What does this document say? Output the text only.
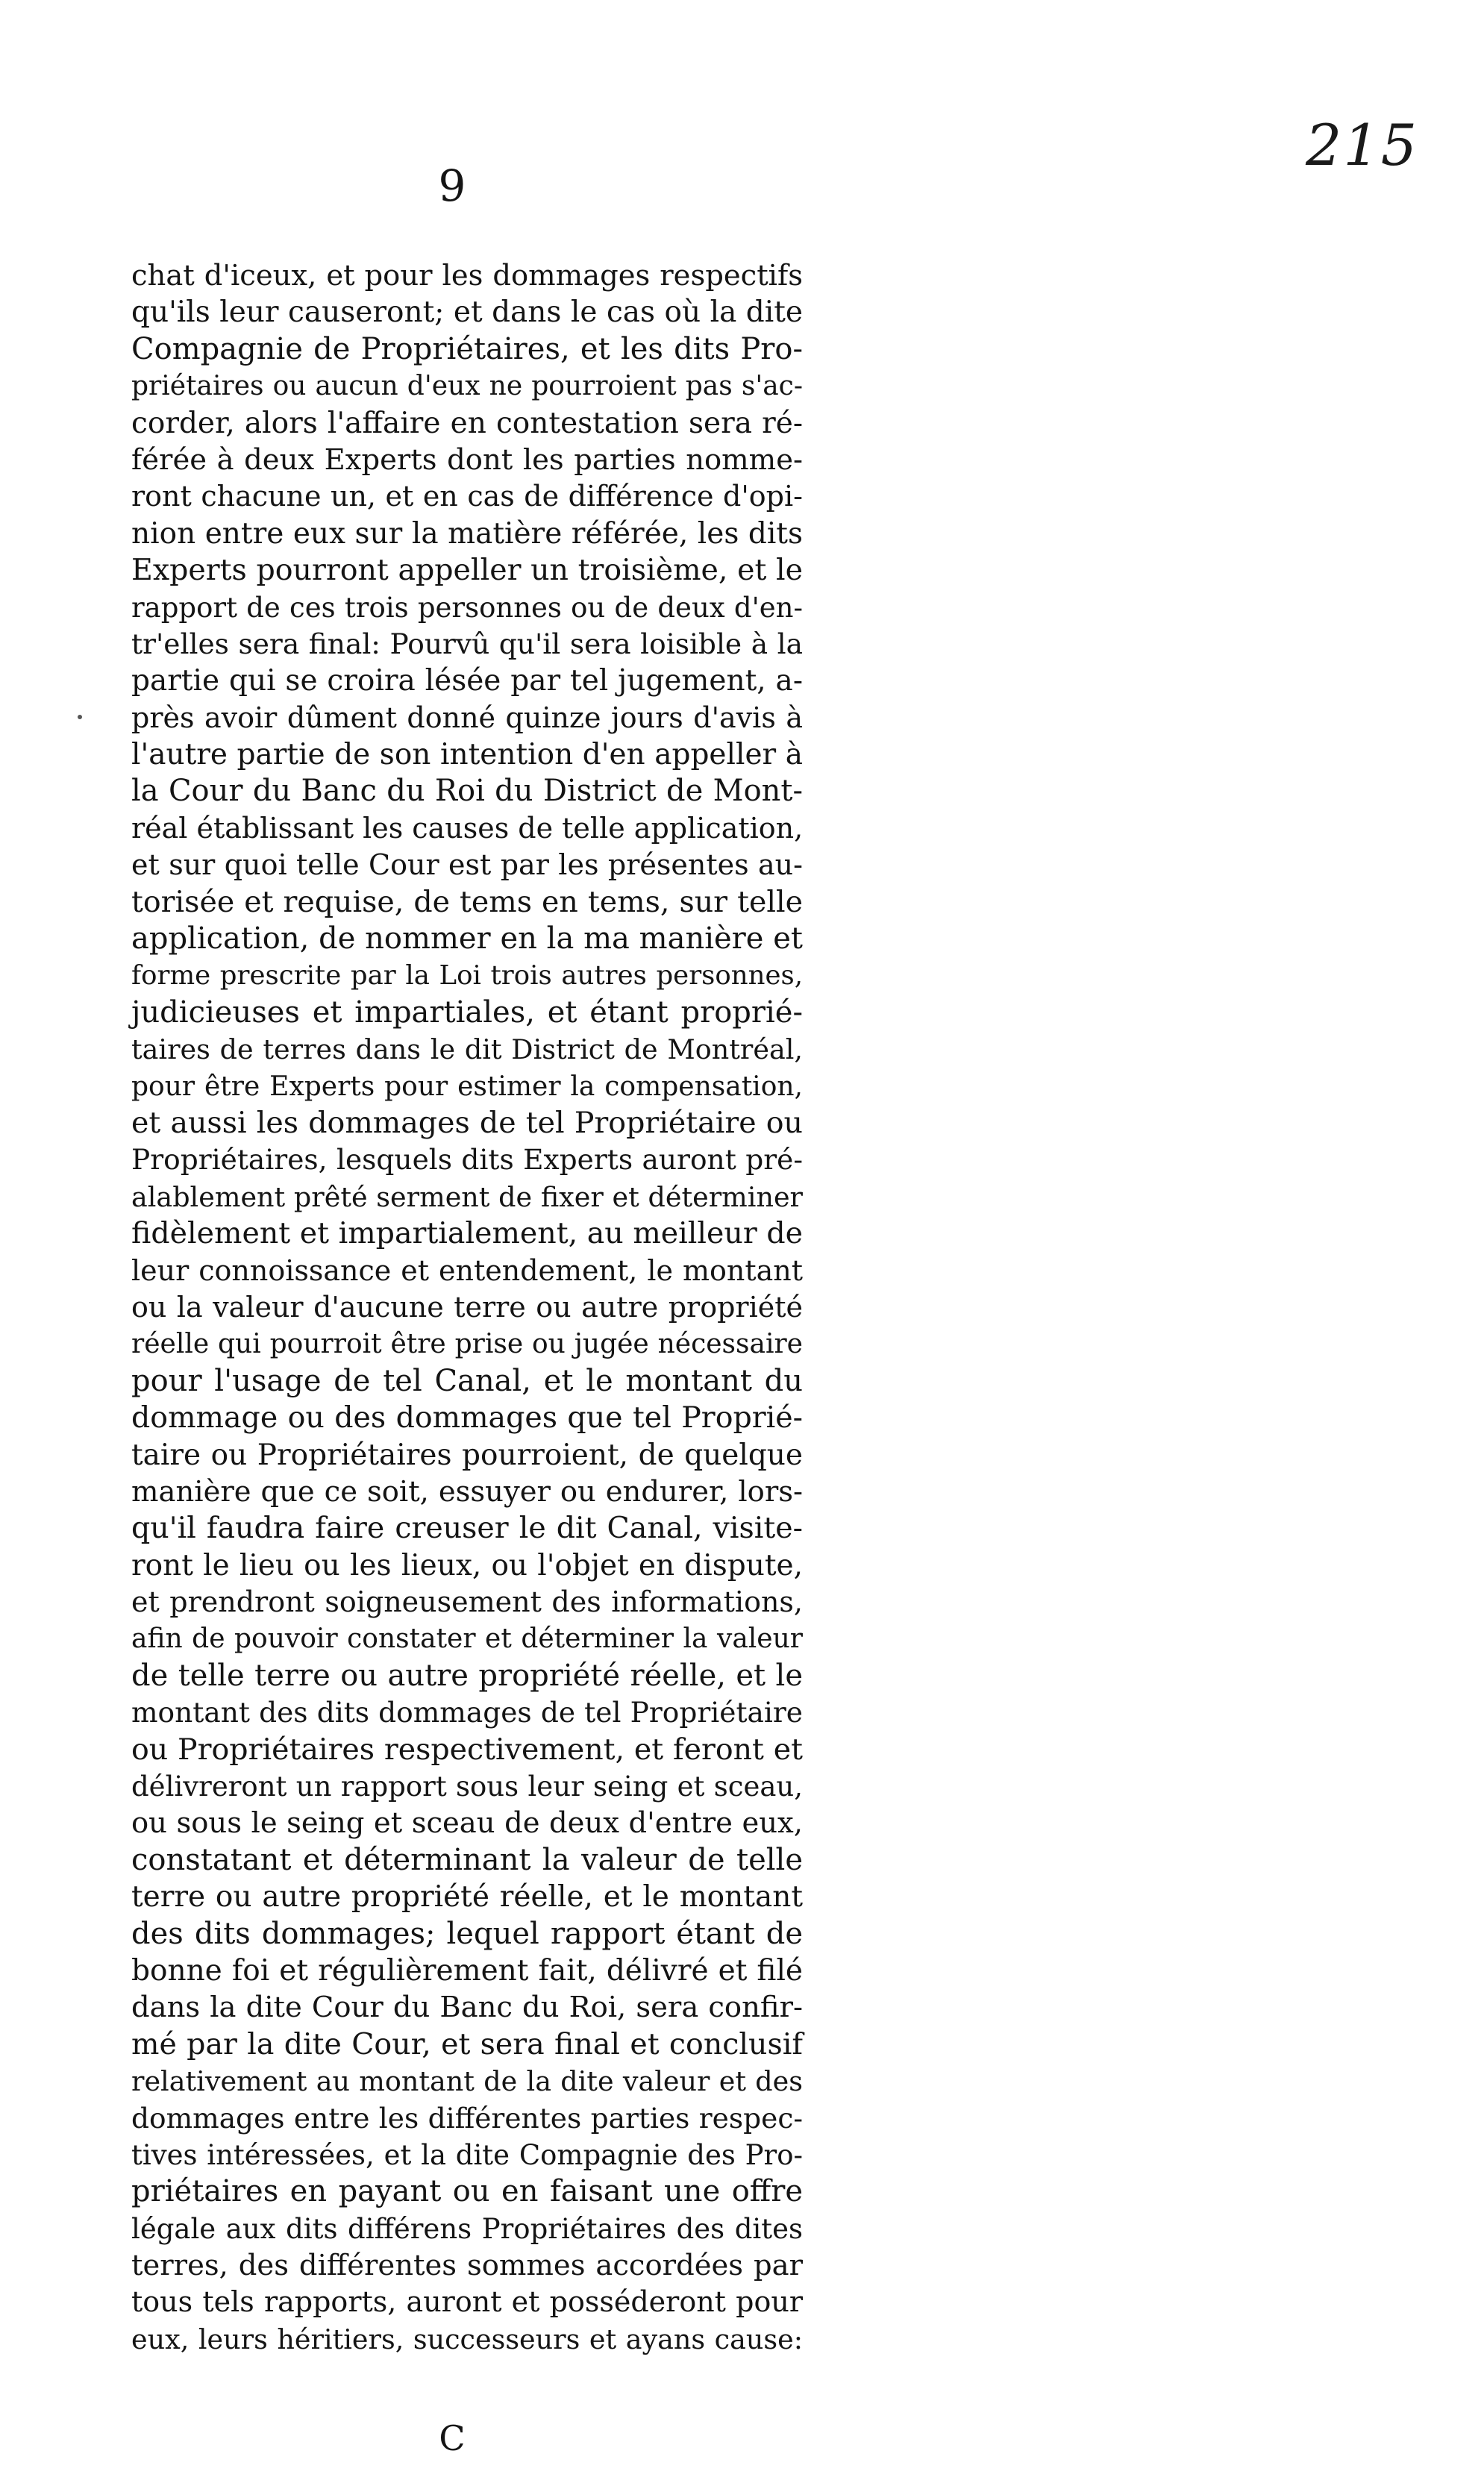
215
9
chat d'iceux, et pour les dommages respectifs
qu'ils leur causeront; et dans le cas où la dite
Compagnie de Propriétaires, et les dits Pro-
priétaires ou aucun d'eux ne pourroient pas s'ac-
corder, alors l'affaire en contestation sera ré-
férée à deux Experts dont les parties nomme-
ront chacune un, et en cas de différence d'opi-
nion entre eux sur la matière référée, les dits
Experts pourront appeller un troisième, et le
rapport de ces trois personnes ou de deux d'en-
tr'elles sera final: Pourvû qu'il sera loisible à la
partie qui se croira lésée par tel jugement, a-
près avoir dûment donné quinze jours d'avis à
l'autre partie de son intention d'en appeller à
la Cour du Banc du Roi du District de Mont-
réal établissant les causes de telle application,
et sur quoi telle Cour est par les présentes au-
torisée et requise, de tems en tems, sur telle
application, de nommer en la ma manière et
forme prescrite par la Loi trois autres personnes,
judicieuses et impartiales, et étant proprié-
taires de terres dans le dit District de Montréal,
pour être Experts pour estimer la compensation,
et aussi les dommages de tel Propriétaire ou
Propriétaires, lesquels dits Experts auront pré-
alablement prêté serment de fixer et déterminer
fidèlement et impartialement, au meilleur de
leur connoissance et entendement, le montant
ou la valeur d'aucune terre ou autre propriété
réelle qui pourroit être prise ou jugée nécessaire
pour l'usage de tel Canal, et le montant du
dommage ou des dommages que tel Proprié-
taire ou Propriétaires pourroient, de quelque
manière que ce soit, essuyer ou endurer, lors-
qu'il faudra faire creuser le dit Canal, visite-
ront le lieu ou les lieux, ou l'objet en dispute,
et prendront soigneusement des informations,
afin de pouvoir constater et déterminer la valeur
de telle terre ou autre propriété réelle, et le
montant des dits dommages de tel Propriétaire
ou Propriétaires respectivement, et feront et
délivreront un rapport sous leur seing et sceau,
ou sous le seing et sceau de deux d'entre eux,
constatant et déterminant la valeur de telle
terre ou autre propriété réelle, et le montant
des dits dommages; lequel rapport étant de
bonne foi et régulièrement fait, délivré et filé
dans la dite Cour du Banc du Roi, sera confir-
mé par la dite Cour, et sera final et conclusif
relativement au montant de la dite valeur et des
dommages entre les différentes parties respec-
tives intéressées, et la dite Compagnie des Pro-
priétaires en payant ou en faisant une offre
légale aux dits différens Propriétaires des dites
terres, des différentes sommes accordées par
tous tels rapports, auront et posséderont pour
eux, leurs héritiers, successeurs et ayans cause:
C
